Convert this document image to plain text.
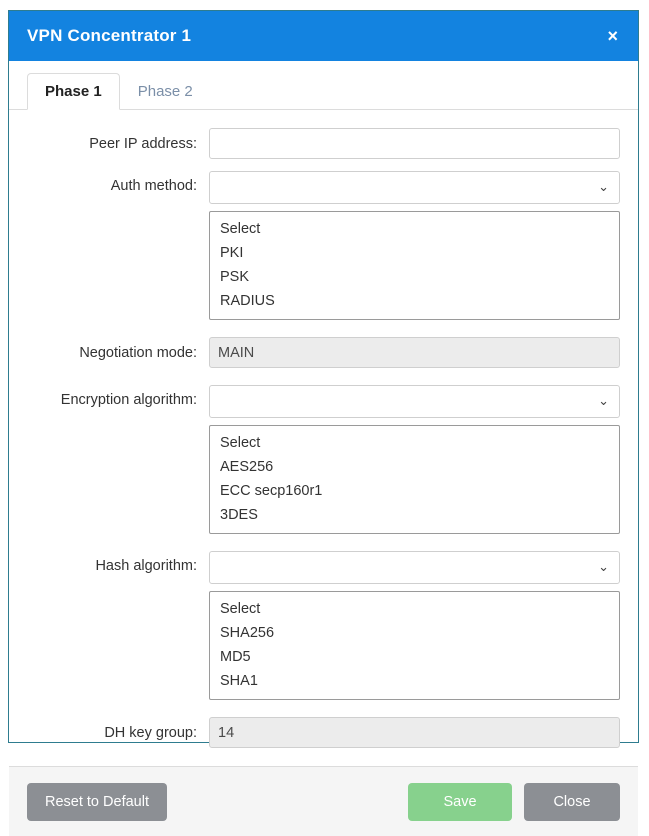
VPN Concentrator 1	×
Phase 1	Phase 2
Peer IP address:
Auth method:	⌄
Select
PKI
PSK
RADIUS
Negotiation mode:
MAIN
Encryption algorithm:	⌄
Select
AES256
ECC secp160r1
3DES
Hash algorithm:	⌄
Select
SHA256
MD5
SHA1
DH key group:
14
Reset to Default	Save	Close
